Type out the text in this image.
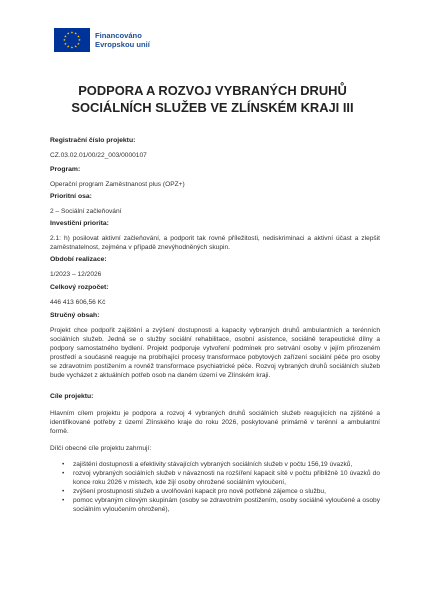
★ ★
★
★
★
★
★
★
★
★
★
★	Financováno
Evropskou unií
PODPORA A ROZVOJ VYBRANÝCH DRUHŮ
SOCIÁLNÍCH SLUŽEB VE ZLÍNSKÉM KRAJI III
Registrační číslo projektu:
CZ.03.02.01/00/22_003/0000107
Program:
Operační program Zaměstnanost plus (OPZ+)
Prioritní osa:
2 – Sociální začleňování
Investiční priorita:
2.1: h) posilovat aktivní začleňování, a podporit tak rovné příležitosti, nediskriminaci a aktivní účast a zlepšit zaměstnatelnost, zejména v případě znevýhodněných skupin.
Období realizace:
1/2023 – 12/2026
Celkový rozpočet:
446 413 606,56 Kč
Stručný obsah:
Projekt chce podpořit zajištění a zvýšení dostupnosti a kapacity vybraných druhů ambulantních a terénních sociálních služeb. Jedná se o služby sociální rehabilitace, osobní asistence, sociálně terapeutické dílny a podpory samostatného bydlení. Projekt podporuje vytvoření podmínek pro setrvání osoby v jejím přirozeném prostředí a současně reaguje na probíhající procesy transformace pobytových zařízení sociální péče pro osoby se zdravotním postižením a rovněž transformace psychiatrické péče. Rozvoj vybraných druhů sociálních služeb bude vycházet z aktuálních potřeb osob na daném území ve Zlínském kraji.
Cíle projektu:
Hlavním cílem projektu je podpora a rozvoj 4 vybraných druhů sociálních služeb reagujících na zjištěné a identifikované potřeby z území Zlínského kraje do roku 2026, poskytované primárně v terénní a ambulantní formě.
Dílčí obecné cíle projektu zahrnují:
• zajištění dostupnosti a efektivity stávajících vybraných sociálních služeb v počtu 156,19 úvazků,
• rozvoj vybraných sociálních služeb v návaznosti na rozšíření kapacit sítě v počtu přibližně 10 úvazků do konce roku 2026 v místech, kde žijí osoby ohrožené sociálním vyloučení,
• zvýšení prostupnosti služeb a uvolňování kapacit pro nově potřebné zájemce o službu,
• pomoc vybraným cílovým skupinám (osoby se zdravotním postižením, osoby sociálně vyloučené a osoby sociálním vyloučením ohrožené),
